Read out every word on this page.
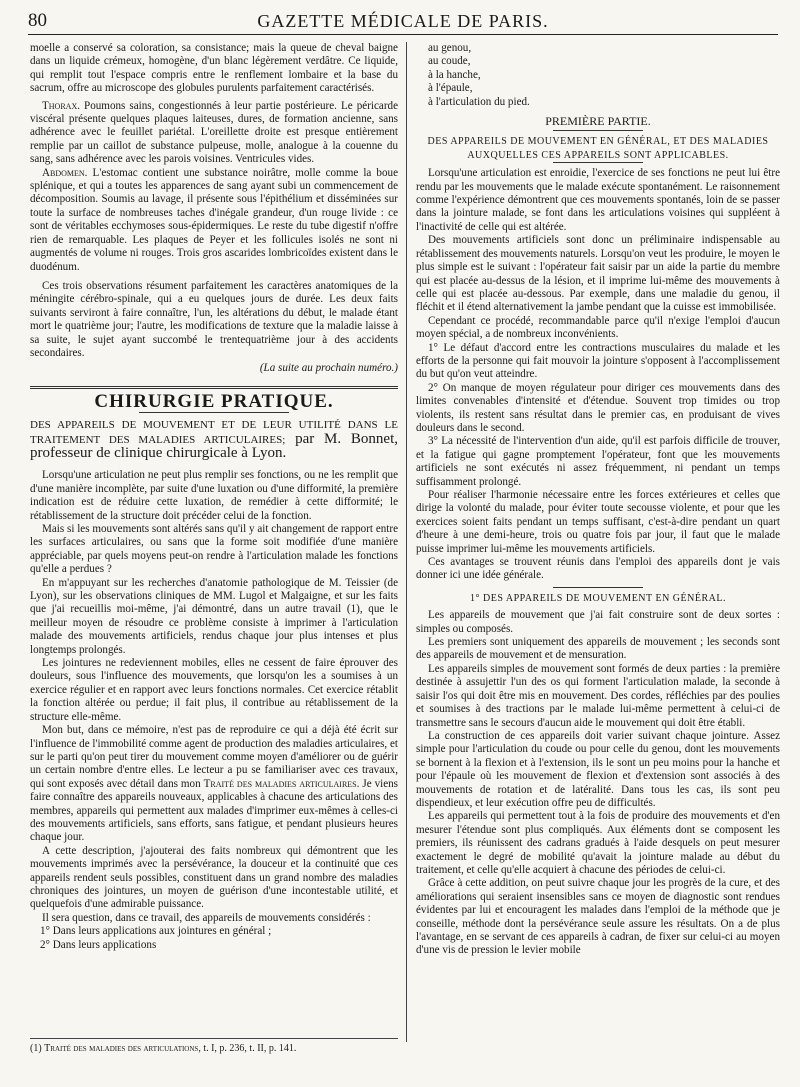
80	GAZETTE MÉDICALE DE PARIS.

moelle a conservé sa coloration, sa consistance; mais la queue de cheval baigne dans un liquide crémeux, homogène, d'un blanc légèrement verdâtre. Ce liquide, qui remplit tout l'espace compris entre le renflement lombaire et la base du sacrum, offre au microscope des globules purulents parfaitement caractérisés.

Thorax. Poumons sains, congestionnés à leur partie postérieure. Le péricarde viscéral présente quelques plaques laiteuses, dures, de formation ancienne, sans adhérence avec le feuillet pariétal. L'oreillette droite est presque entièrement remplie par un caillot de substance pulpeuse, molle, analogue à la couenne du sang, sans adhérence avec les parois voisines. Ventricules vides.

Abdomen. L'estomac contient une substance noirâtre, molle comme la boue splénique, et qui a toutes les apparences de sang ayant subi un commencement de décomposition. Soumis au lavage, il présente sous l'épithélium et disséminées sur toute la surface de nombreuses taches d'inégale grandeur, d'un rouge livide : ce sont de véritables ecchymoses sous-épidermiques. Le reste du tube digestif n'offre rien de remarquable. Les plaques de Peyer et les follicules isolés ne sont ni augmentés de volume ni rouges. Trois gros ascarides lombricoïdes existent dans le duodénum.

Ces trois observations résument parfaitement les caractères anatomiques de la méningite cérébro-spinale, qui a eu quelques jours de durée. Les deux faits suivants serviront à faire connaître, l'un, les altérations du début, le malade étant mort le quatrième jour; l'autre, les modifications de texture que la maladie laisse à sa suite, le sujet ayant succombé le trentequatrième jour à des accidents secondaires.

(La suite au prochain numéro.)
CHIRURGIE PRATIQUE.

DES APPAREILS DE MOUVEMENT ET DE LEUR UTILITÉ DANS LE TRAITEMENT DES MALADIES ARTICULAIRES; par M. Bonnet, professeur de clinique chirurgicale à Lyon.

Lorsqu'une articulation ne peut plus remplir ses fonctions, ou ne les remplit que d'une manière incomplète, par suite d'une luxation ou d'une difformité, la première indication est de réduire cette luxation, de remédier à cette difformité; le rétablissement de la structure doit précéder celui de la fonction.

Mais si les mouvements sont altérés sans qu'il y ait changement de rapport entre les surfaces articulaires, ou sans que la forme soit modifiée d'une manière appréciable, par quels moyens peut-on rendre à l'articulation malade les fonctions qu'elle a perdues ?

En m'appuyant sur les recherches d'anatomie pathologique de M. Teissier (de Lyon), sur les observations cliniques de MM. Lugol et Malgaigne, et sur les faits que j'ai recueillis moi-même, j'ai démontré, dans un autre travail (1), que le meilleur moyen de résoudre ce problème consiste à imprimer à l'articulation malade des mouvements artificiels, rendus chaque jour plus intenses et plus longtemps prolongés.

Les jointures ne redeviennent mobiles, elles ne cessent de faire éprouver des douleurs, sous l'influence des mouvements, que lorsqu'on les a soumises à un exercice régulier et en rapport avec leurs fonctions normales. Cet exercice rétablit la fonction altérée ou perdue; il fait plus, il contribue au rétablissement de la structure elle-même.

Mon but, dans ce mémoire, n'est pas de reproduire ce qui a déjà été écrit sur l'influence de l'immobilité comme agent de production des maladies articulaires, et sur le parti qu'on peut tirer du mouvement comme moyen d'améliorer ou de guérir un certain nombre d'entre elles. Le lecteur a pu se familiariser avec ces travaux, qui sont exposés avec détail dans mon Traité des maladies articulaires. Je viens faire connaître des appareils nouveaux, applicables à chacune des articulations des membres, appareils qui permettent aux malades d'imprimer eux-mêmes à celles-ci des mouvements artificiels, sans efforts, sans fatigue, et pendant plusieurs heures chaque jour.

A cette description, j'ajouterai des faits nombreux qui démontrent que les mouvements imprimés avec la persévérance, la douceur et la continuité que ces appareils rendent seuls possibles, constituent dans un grand nombre des maladies chroniques des jointures, un moyen de guérison d'une incontestable utilité, et quelquefois d'une admirable puissance.

Il sera question, dans ce travail, des appareils de mouvements considérés :

1° Dans leurs applications aux jointures en général ;

2° Dans leurs applications

au genou,

au coude,

à la hanche,

à l'épaule,

à l'articulation du pied.

PREMIÈRE PARTIE.

DES APPAREILS DE MOUVEMENT EN GÉNÉRAL, ET DES MALADIES AUXQUELLES CES APPAREILS SONT APPLICABLES.

Lorsqu'une articulation est enroidie, l'exercice de ses fonctions ne peut lui être rendu par les mouvements que le malade exécute spontanément. Le raisonnement comme l'expérience démontrent que ces mouvements spontanés, loin de se passer dans la jointure malade, se font dans les articulations voisines qui suppléent à l'inactivité de celle qui est altérée.

Des mouvements artificiels sont donc un préliminaire indispensable au rétablissement des mouvements naturels. Lorsqu'on veut les produire, le moyen le plus simple est le suivant : l'opérateur fait saisir par un aide la partie du membre qui est placée au-dessus de la lésion, et il imprime lui-même des mouvements à celle qui est placée au-dessous. Par exemple, dans une maladie du genou, il fléchit et il étend alternativement la jambe pendant que la cuisse est immobilisée.

Cependant ce procédé, recommandable parce qu'il n'exige l'emploi d'aucun moyen spécial, a de nombreux inconvénients.

1° Le défaut d'accord entre les contractions musculaires du malade et les efforts de la personne qui fait mouvoir la jointure s'opposent à l'accomplissement du but qu'on veut atteindre.

2° On manque de moyen régulateur pour diriger ces mouvements dans des limites convenables d'intensité et d'étendue. Souvent trop timides ou trop violents, ils restent sans résultat dans le premier cas, en produisant de vives douleurs dans le second.

3° La nécessité de l'intervention d'un aide, qu'il est parfois difficile de trouver, et la fatigue qui gagne promptement l'opérateur, font que les mouvements artificiels ne sont exécutés ni assez fréquemment, ni pendant un temps suffisamment prolongé.

Pour réaliser l'harmonie nécessaire entre les forces extérieures et celles que dirige la volonté du malade, pour éviter toute secousse violente, et pour que les exercices soient faits pendant un temps suffisant, c'est-à-dire pendant un quart d'heure à une demi-heure, trois ou quatre fois par jour, il faut que le malade puisse imprimer lui-même les mouvements artificiels.

Ces avantages se trouvent réunis dans l'emploi des appareils dont je vais donner ici une idée générale.

1° DES APPAREILS DE MOUVEMENT EN GÉNÉRAL.

Les appareils de mouvement que j'ai fait construire sont de deux sortes : simples ou composés.

Les premiers sont uniquement des appareils de mouvement ; les seconds sont des appareils de mouvement et de mensuration.

Les appareils simples de mouvement sont formés de deux parties : la première destinée à assujettir l'un des os qui forment l'articulation malade, la seconde à saisir l'os qui doit être mis en mouvement. Des cordes, réfléchies par des poulies et soumises à des tractions par le malade lui-même permettent à celui-ci de transmettre sans le secours d'aucun aide le mouvement qui doit être établi.

La construction de ces appareils doit varier suivant chaque jointure. Assez simple pour l'articulation du coude ou pour celle du genou, dont les mouvements se bornent à la flexion et à l'extension, ils le sont un peu moins pour la hanche et pour l'épaule où les mouvement de flexion et d'extension sont associés à des mouvements de rotation et de latéralité. Dans tous les cas, ils sont peu dispendieux, et leur exécution offre peu de difficultés.

Les appareils qui permettent tout à la fois de produire des mouvements et d'en mesurer l'étendue sont plus compliqués. Aux éléments dont se composent les premiers, ils réunissent des cadrans gradués à l'aide desquels on peut mesurer exactement le degré de mobilité qu'avait la jointure malade au début du traitement, et celle qu'elle acquiert à chacune des périodes de celui-ci.

Grâce à cette addition, on peut suivre chaque jour les progrès de la cure, et des améliorations qui seraient insensibles sans ce moyen de diagnostic sont rendues évidentes par lui et encouragent les malades dans l'emploi de la méthode que je conseille, méthode dont la persévérance seule assure les résultats. On a de plus l'avantage, en se servant de ces appareils à cadran, de fixer sur celui-ci au moyen d'une vis de pression le levier mobile

(1) Traité des maladies des articulations, t. I, p. 236, t. II, p. 141.
